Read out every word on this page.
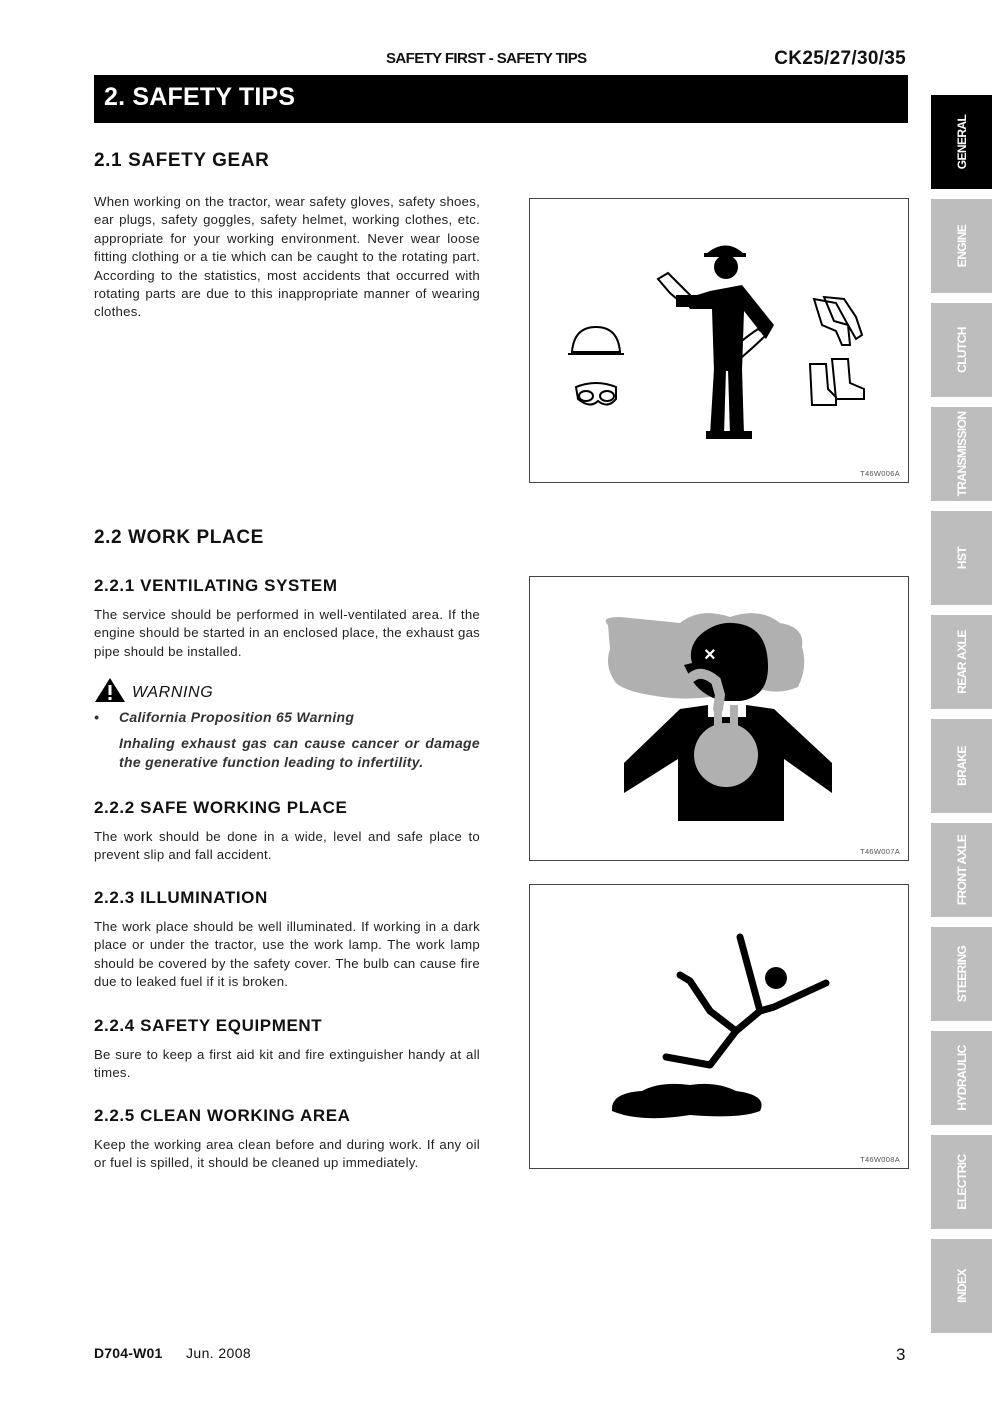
SAFETY FIRST - SAFETY TIPS	CK25/27/30/35
2. SAFETY TIPS
2.1 SAFETY GEAR

When working on the tractor, wear safety gloves, safety shoes, ear plugs, safety goggles, safety helmet, working clothes, etc. appropriate for your working environment. Never wear loose fitting clothing or a tie which can be caught to the rotating part. According to the statistics, most accidents that occurred with rotating parts are due to this inappropriate manner of wearing clothes.

T46W006A
2.2 WORK PLACE
2.2.1 VENTILATING SYSTEM

The service should be performed in well-ventilated area. If the engine should be started in an enclosed place, the exhaust gas pipe should be installed.

WARNING
• California Proposition 65 Warning

Inhaling exhaust gas can cause cancer or damage the generative function leading to infertility.

2.2.2 SAFE WORKING PLACE

The work should be done in a wide, level and safe place to prevent slip and fall accident.

2.2.3 ILLUMINATION

The work place should be well illuminated. If working in a dark place or under the tractor, use the work lamp. The work lamp should be covered by the safety cover. The bulb can cause fire due to leaked fuel if it is broken.

2.2.4 SAFETY EQUIPMENT

Be sure to keep a first aid kit and fire extinguisher handy at all times.

2.2.5 CLEAN WORKING AREA

Keep the working area clean before and during work. If any oil or fuel is spilled, it should be cleaned up immediately.

×
T46W007A
T46W008A
GENERAL
ENGINE
CLUTCH
TRANSMISSION
HST
REAR AXLE
BRAKE
FRONT AXLE
STEERING
HYDRAULIC
ELECTRIC
INDEX
D704-W01 Jun. 2008	3
